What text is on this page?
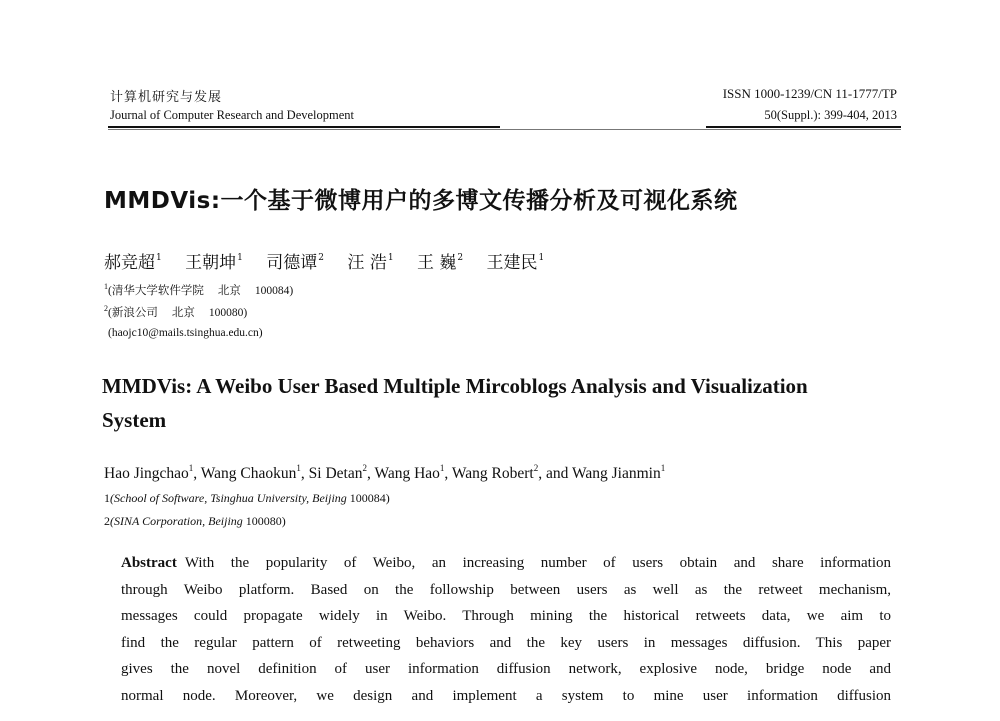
计算机研究与发展
Journal of Computer Research and Development
ISSN 1000-1239/CN 11-1777/TP
50(Suppl.): 399-404, 2013
MMDVis:一个基于微博用户的多博文传播分析及可视化系统
郝竞超$^1$ 王朝坤$^1$ 司德谭$^2$ 汪 浩$^1$ 王 巍$^2$ 王建民$^1$
$^1$(清华大学软件学院 北京 100084)
$^2$(新浪公司 北京 100080)
(haojc10@mails.tsinghua.edu.cn)
MMDVis: A Weibo User Based Multiple Mircoblogs Analysis and Visualization
System
Hao Jingchao$^1$, Wang Chaokun$^1$, Si Detan$^2$, Wang Hao$^1$, Wang Robert$^2$, and Wang Jianmin$^1$
1(School of Software, Tsinghua University, Beijing 100084)
2(SINA Corporation, Beijing 100080)
Abstract With the popularity of Weibo, an increasing number of users obtain and share information
through Weibo platform. Based on the followship between users as well as the retweet mechanism,
messages could propagate widely in Weibo. Through mining the historical retweets data, we aim to
find the regular pattern of retweeting behaviors and the key users in messages diffusion. This paper
gives the novel definition of user information diffusion network, explosive node, bridge node and
normal node. Moreover, we design and implement a system to mine user information diffusion
